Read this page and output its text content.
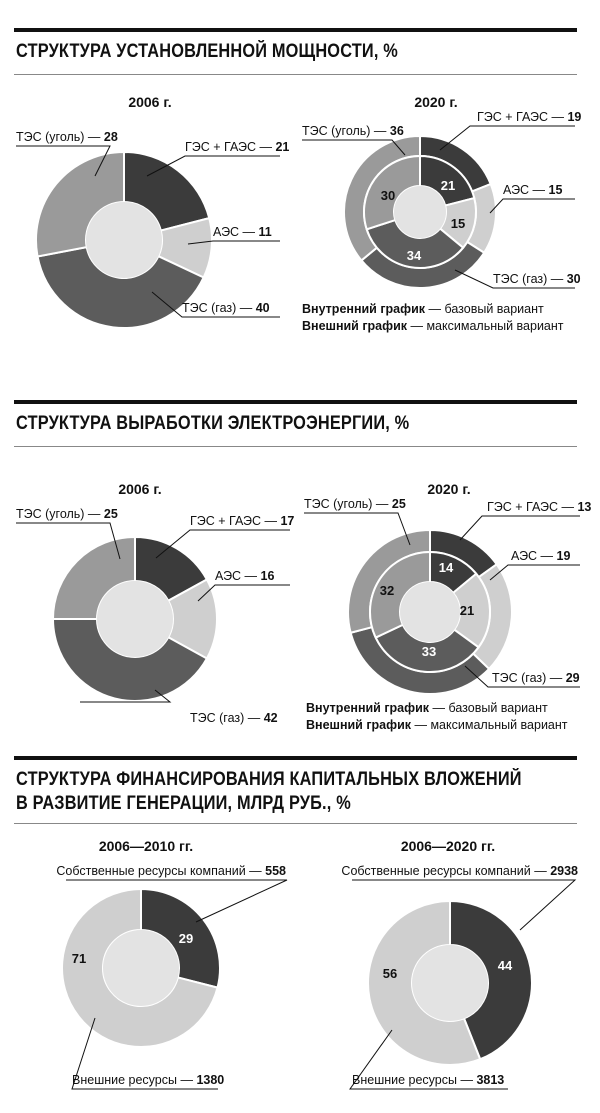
СТРУКТУРА УСТАНОВЛЕННОЙ МОЩНОСТИ, %
СТРУКТУРА ВЫРАБОТКИ ЭЛЕКТРОЭНЕРГИИ, %
СТРУКТУРА ФИНАНСИРОВАНИЯ КАПИТАЛЬНЫХ ВЛОЖЕНИЙ
В РАЗВИТИЕ ГЕНЕРАЦИИ, МЛРД РУБ., %
2006 г.
ГЭС + ГАЭС — 21
АЭС — 11
ТЭС (газ) — 40
ТЭС (уголь) — 28
2020 г.
21
15
34
30
ГЭС + ГАЭС — 19
АЭС — 15
ТЭС (газ) — 30
ТЭС (уголь) — 36
Внутренний график — базовый вариант
Внешний график — максимальный вариант
2006 г.
ГЭС + ГАЭС — 17
АЭС — 16
ТЭС (газ) — 42
ТЭС (уголь) — 25
2020 г.
14
21
33
32
ГЭС + ГАЭС — 13
АЭС — 19
ТЭС (газ) — 29
ТЭС (уголь) — 25
Внутренний график — базовый вариант
Внешний график — максимальный вариант
2006—2010 гг.
29
71
Собственные ресурсы компаний — 558
Внешние ресурсы — 1380
2006—2020 гг.
44
56
Собственные ресурсы компаний — 2938
Внешние ресурсы — 3813
